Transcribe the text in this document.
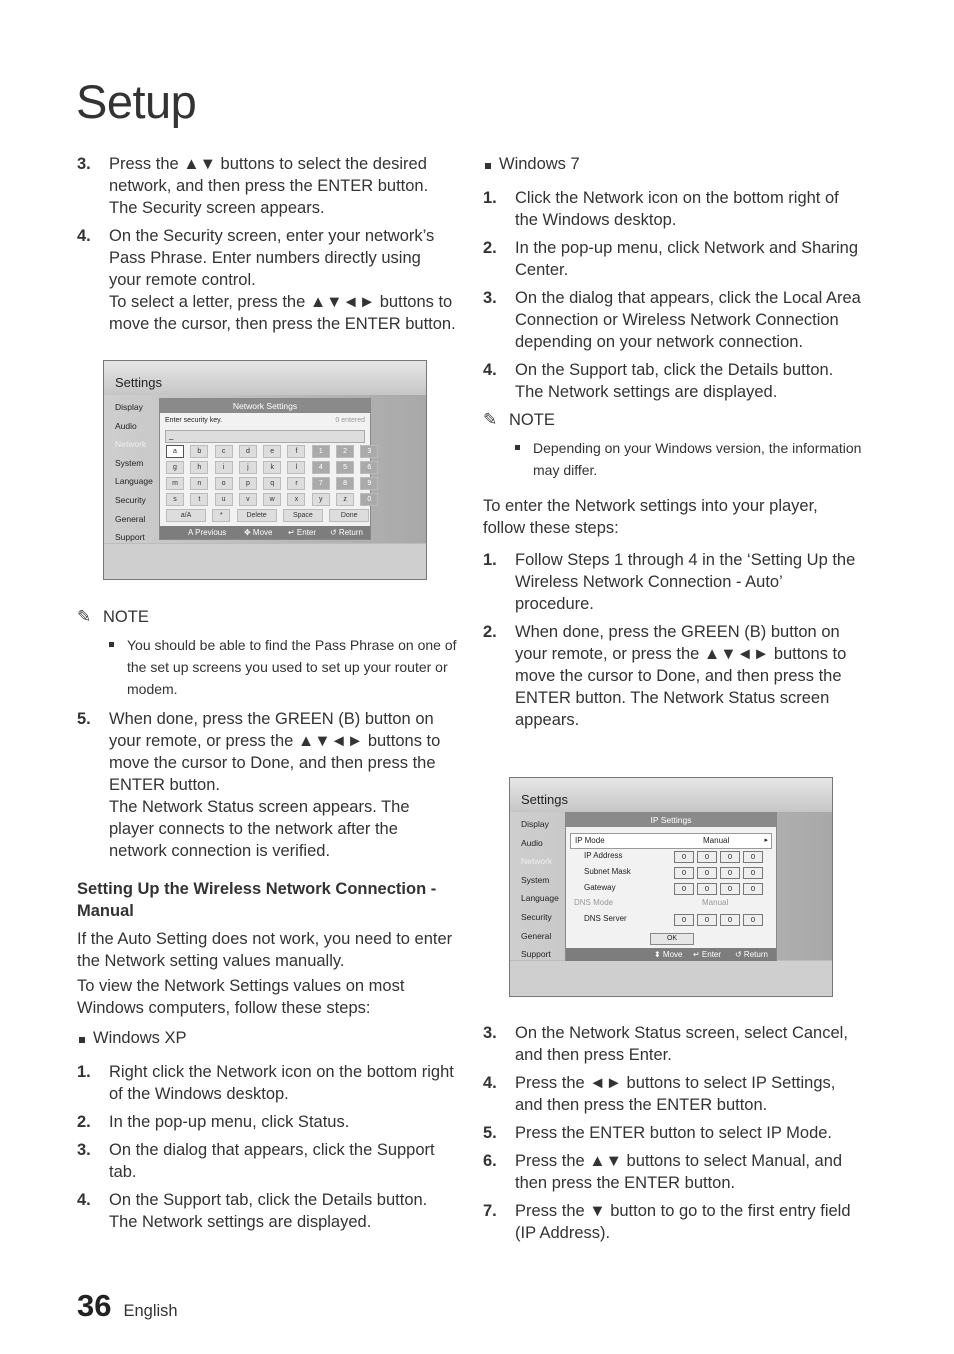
Setup
3.	Press the ▲▼ buttons to select the desired network, and then press the ENTER button.
The Security screen appears.
4.	On the Security screen, enter your network’s Pass Phrase. Enter numbers directly using your remote control.
To select a letter, press the ▲▼◄► buttons to move the cursor, then press the ENTER button.
Settings
Display
Audio
Network
System
Language
Security
General
Support
Network Settings
Enter security key.	0 entered
_
a	b	c	d	e	f	1	2	3
g	h	i	j	k	l	4	5	6
m	n	o	p	q	r	7	8	9
s	t	u	v	w	x	y	z	0
a/A	*	Delete	Space	Done
A Previous ✥ Move ↵ Enter ↺ Return
✎ NOTE
You should be able to find the Pass Phrase on one of the set up screens you used to set up your router or modem.
5.	When done, press the GREEN (B) button on your remote, or press the ▲▼◄► buttons to move the cursor to Done, and then press the ENTER button.
The Network Status screen appears. The player connects to the network after the network connection is verified.
Setting Up the Wireless Network Connection - Manual
If the Auto Setting does not work, you need to enter the Network setting values manually.
To view the Network Settings values on most Windows computers, follow these steps:
Windows XP
1.	Right click the Network icon on the bottom right of the Windows desktop.
2.	In the pop-up menu, click Status.
3.	On the dialog that appears, click the Support tab.
4.	On the Support tab, click the Details button. The Network settings are displayed.
Windows 7
1.	Click the Network icon on the bottom right of the Windows desktop.
2.	In the pop-up menu, click Network and Sharing Center.
3.	On the dialog that appears, click the Local Area Connection or Wireless Network Connection depending on your network connection.
4.	On the Support tab, click the Details button. The Network settings are displayed.
✎ NOTE
Depending on your Windows version, the information may differ.
To enter the Network settings into your player, follow these steps:
1.	Follow Steps 1 through 4 in the ‘Setting Up the Wireless Network Connection - Auto’ procedure.
2.	When done, press the GREEN (B) button on your remote, or press the ▲▼◄► buttons to move the cursor to Done, and then press the ENTER button. The Network Status screen appears.
Settings
Display
Audio
Network
System
Language
Security
General
Support
IP Settings
IP Mode	Manual	▸
IP Address	0	0	0	0
Subnet Mask	0	0	0	0
Gateway	0	0	0	0
DNS Mode	Manual
DNS Server	0	0	0	0
OK
⬍ Move ↵ Enter ↺ Return
3.	On the Network Status screen, select Cancel, and then press Enter.
4.	Press the ◄► buttons to select IP Settings, and then press the ENTER button.
5.	Press the ENTER button to select IP Mode.
6.	Press the ▲▼ buttons to select Manual, and then press the ENTER button.
7.	Press the ▼ button to go to the first entry field (IP Address).
36 English
